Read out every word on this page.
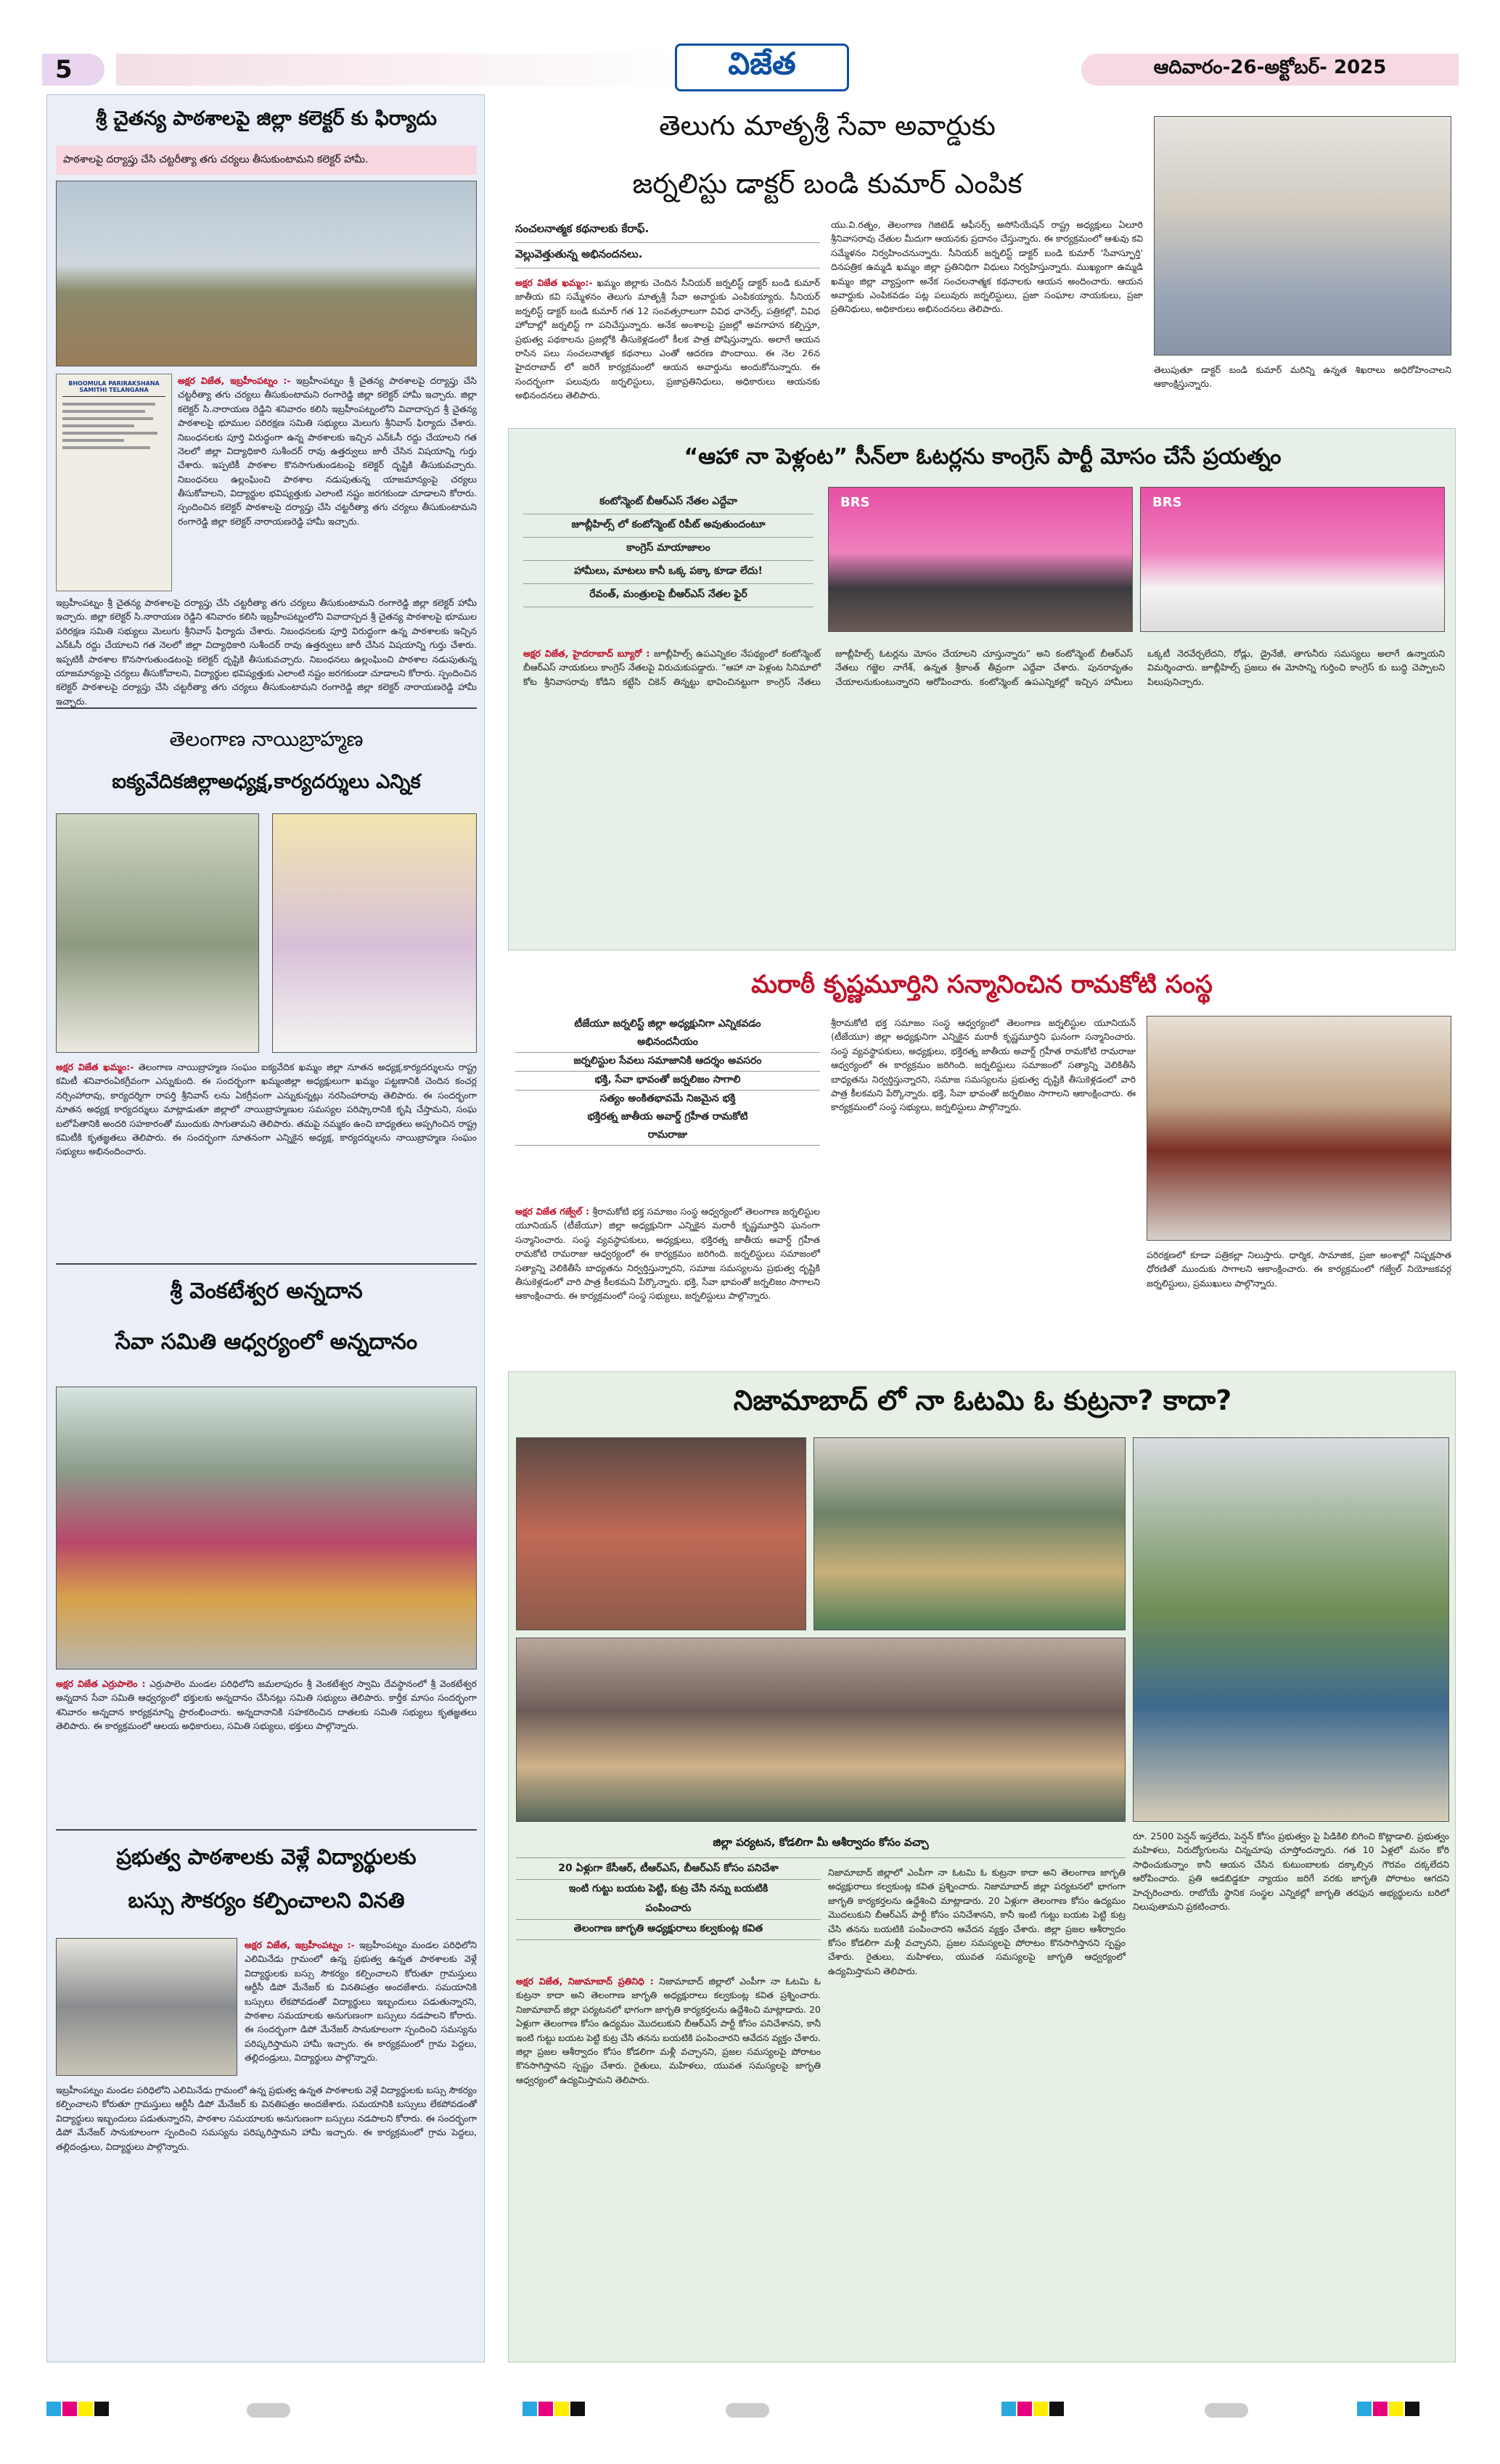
5	విజేత	ఆదివారం-26-అక్టోబర్- 2025
శ్రీ చైతన్య పాఠశాలపై జిల్లా కలెక్టర్ కు ఫిర్యాదు
పాఠశాలపై దర్యాప్తు చేసి చట్టరీత్యా తగు చర్యలు తీసుకుంటామని కలెక్టర్ హామీ.
BHOOMULA PARIRAKSHANA SAMITHI TELANGANA
అక్షర విజేత, ఇబ్రహీంపట్నం :- ఇబ్రహీంపట్నం శ్రీ చైతన్య పాఠశాలపై దర్యాప్తు చేసి చట్టరీత్యా తగు చర్యలు తీసుకుంటామని రంగారెడ్డి జిల్లా కలెక్టర్ హామీ ఇచ్చారు. జిల్లా కలెక్టర్ సి.నారాయణ రెడ్డిని శనివారం కలిసి ఇబ్రహీంపట్నంలోని వివాదాస్పద శ్రీ చైతన్య పాఠశాలపై భూముల పరిరక్షణ సమితి సభ్యులు మెలుగు శ్రీనివాస్ ఫిర్యాదు చేశారు. నిబంధనలకు పూర్తి విరుద్ధంగా ఉన్న పాఠశాలకు ఇచ్చిన ఎన్ఓసీ రద్దు చేయాలని గత నెలలో జిల్లా విద్యాధికారి సుశీందర్ రావు ఉత్తర్వులు జారీ చేసిన విషయాన్ని గుర్తు చేశారు. ఇప్పటికీ పాఠశాల కొనసాగుతుండటంపై కలెక్టర్ దృష్టికి తీసుకువచ్చారు. నిబంధనలు ఉల్లంఘించి పాఠశాల నడుపుతున్న యాజమాన్యంపై చర్యలు తీసుకోవాలని, విద్యార్థుల భవిష్యత్తుకు ఎలాంటి నష్టం జరగకుండా చూడాలని కోరారు. స్పందించిన కలెక్టర్ పాఠశాలపై దర్యాప్తు చేసి చట్టరీత్యా తగు చర్యలు తీసుకుంటామని రంగారెడ్డి జిల్లా కలెక్టర్ నారాయణరెడ్డి హామీ ఇచ్చారు.
ఇబ్రహీంపట్నం శ్రీ చైతన్య పాఠశాలపై దర్యాప్తు చేసి చట్టరీత్యా తగు చర్యలు తీసుకుంటామని రంగారెడ్డి జిల్లా కలెక్టర్ హామీ ఇచ్చారు. జిల్లా కలెక్టర్ సి.నారాయణ రెడ్డిని శనివారం కలిసి ఇబ్రహీంపట్నంలోని వివాదాస్పద శ్రీ చైతన్య పాఠశాలపై భూముల పరిరక్షణ సమితి సభ్యులు మెలుగు శ్రీనివాస్ ఫిర్యాదు చేశారు. నిబంధనలకు పూర్తి విరుద్ధంగా ఉన్న పాఠశాలకు ఇచ్చిన ఎన్ఓసీ రద్దు చేయాలని గత నెలలో జిల్లా విద్యాధికారి సుశీందర్ రావు ఉత్తర్వులు జారీ చేసిన విషయాన్ని గుర్తు చేశారు. ఇప్పటికీ పాఠశాల కొనసాగుతుండటంపై కలెక్టర్ దృష్టికి తీసుకువచ్చారు. నిబంధనలు ఉల్లంఘించి పాఠశాల నడుపుతున్న యాజమాన్యంపై చర్యలు తీసుకోవాలని, విద్యార్థుల భవిష్యత్తుకు ఎలాంటి నష్టం జరగకుండా చూడాలని కోరారు. స్పందించిన కలెక్టర్ పాఠశాలపై దర్యాప్తు చేసి చట్టరీత్యా తగు చర్యలు తీసుకుంటామని రంగారెడ్డి జిల్లా కలెక్టర్ నారాయణరెడ్డి హామీ ఇచ్చారు.
తెలంగాణ నాయిబ్రాహ్మణ
ఐక్యవేదికజిల్లాఅధ్యక్ష,కార్యదర్శులు ఎన్నిక
అక్షర విజేత ఖమ్మం:- తెలంగాణ నాయిబ్రాహ్మణ సంఘం ఐక్యవేదిక ఖమ్మం జిల్లా నూతన అధ్యక్ష,కార్యదర్శులను రాష్ట్ర కమిటీ శనివారంఏకగ్రీవంగా ఎన్నుకుంది. ఈ సందర్భంగా ఖమ్మంజిల్లా అధ్యక్షులుగా ఖమ్మం పట్టణానికి చెందిన కంచర్ల నర్సింహారావు, కార్యదర్శిగా రాపర్తి శ్రీనివాస్ లను ఏకగ్రీవంగా ఎన్నుకున్నట్లు నరసింహారావు తెలిపారు. ఈ సందర్భంగా నూతన అధ్యక్ష కార్యదర్శులు మాట్లాడుతూ జిల్లాలో నాయిబ్రాహ్మణుల సమస్యల పరిష్కారానికి కృషి చేస్తామని, సంఘ బలోపేతానికి అందరి సహకారంతో ముందుకు సాగుతామని తెలిపారు. తమపై నమ్మకం ఉంచి బాధ్యతలు అప్పగించిన రాష్ట్ర కమిటీకి కృతజ్ఞతలు తెలిపారు. ఈ సందర్భంగా నూతనంగా ఎన్నికైన అధ్యక్ష, కార్యదర్శులను నాయిబ్రాహ్మణ సంఘం సభ్యులు అభినందించారు.
శ్రీ వెంకటేశ్వర అన్నదాన
సేవా సమితి ఆధ్వర్యంలో అన్నదానం
అక్షర విజేత ఎర్రుపాలెం : ఎర్రుపాలెం మండల పరిధిలోని జమలాపురం శ్రీ వెంకటేశ్వర స్వామి దేవస్థానంలో శ్రీ వెంకటేశ్వర అన్నదాన సేవా సమితి ఆధ్వర్యంలో భక్తులకు అన్నదానం చేసినట్లు సమితి సభ్యులు తెలిపారు. కార్తీక మాసం సందర్భంగా శనివారం అన్నదాన కార్యక్రమాన్ని ప్రారంభించారు. అన్నదానానికి సహకరించిన దాతలకు సమితి సభ్యులు కృతజ్ఞతలు తెలిపారు. ఈ కార్యక్రమంలో ఆలయ అధికారులు, సమితి సభ్యులు, భక్తులు పాల్గొన్నారు.
ప్రభుత్వ పాఠశాలకు వెళ్లే విద్యార్థులకు
బస్సు సౌకర్యం కల్పించాలని వినతి
అక్షర విజేత, ఇబ్రహీంపట్నం :- ఇబ్రహీంపట్నం మండల పరిధిలోని ఎలిమినేడు గ్రామంలో ఉన్న ప్రభుత్వ ఉన్నత పాఠశాలకు వెళ్లే విద్యార్థులకు బస్సు సౌకర్యం కల్పించాలని కోరుతూ గ్రామస్తులు ఆర్టీసీ డిపో మేనేజర్ కు వినతిపత్రం అందజేశారు. సమయానికి బస్సులు లేకపోవడంతో విద్యార్థులు ఇబ్బందులు పడుతున్నారని, పాఠశాల సమయాలకు అనుగుణంగా బస్సులు నడపాలని కోరారు. ఈ సందర్భంగా డిపో మేనేజర్ సానుకూలంగా స్పందించి సమస్యను పరిష్కరిస్తామని హామీ ఇచ్చారు. ఈ కార్యక్రమంలో గ్రామ పెద్దలు, తల్లిదండ్రులు, విద్యార్థులు పాల్గొన్నారు.
ఇబ్రహీంపట్నం మండల పరిధిలోని ఎలిమినేడు గ్రామంలో ఉన్న ప్రభుత్వ ఉన్నత పాఠశాలకు వెళ్లే విద్యార్థులకు బస్సు సౌకర్యం కల్పించాలని కోరుతూ గ్రామస్తులు ఆర్టీసీ డిపో మేనేజర్ కు వినతిపత్రం అందజేశారు. సమయానికి బస్సులు లేకపోవడంతో విద్యార్థులు ఇబ్బందులు పడుతున్నారని, పాఠశాల సమయాలకు అనుగుణంగా బస్సులు నడపాలని కోరారు. ఈ సందర్భంగా డిపో మేనేజర్ సానుకూలంగా స్పందించి సమస్యను పరిష్కరిస్తామని హామీ ఇచ్చారు. ఈ కార్యక్రమంలో గ్రామ పెద్దలు, తల్లిదండ్రులు, విద్యార్థులు పాల్గొన్నారు.
తెలుగు మాతృశ్రీ సేవా అవార్డుకు
జర్నలిస్టు డాక్టర్ బండి కుమార్ ఎంపిక
సంచలనాత్మక కథనాలకు కేరాఫ్.
వెల్లువెత్తుతున్న అభినందనలు.
అక్షర విజేత ఖమ్మం:- ఖమ్మం జిల్లాకు చెందిన సీనియర్ జర్నలిస్ట్ డాక్టర్ బండి కుమార్ జాతీయ కవి సమ్మేళనం తెలుగు మాతృశ్రీ సేవా అవార్డుకు ఎంపికయ్యారు. సీనియర్ జర్నలిస్ట్ డాక్టర్ బండి కుమార్ గత 12 సంవత్సరాలుగా వివిధ ఛానెల్స్, పత్రికల్లో, వివిధ హోదాల్లో జర్నలిస్ట్ గా పనిచేస్తున్నారు. అనేక అంశాలపై ప్రజల్లో అవగాహన కల్పిస్తూ, ప్రభుత్వ పథకాలను ప్రజల్లోకి తీసుకెళ్లడంలో కీలక పాత్ర పోషిస్తున్నారు. అలాగే ఆయన రాసిన పలు సంచలనాత్మక కథనాలు ఎంతో ఆదరణ పొందాయి. ఈ నెల 26న హైదరాబాద్ లో జరిగే కార్యక్రమంలో ఆయన అవార్డును అందుకోనున్నారు. ఈ సందర్భంగా పలువురు జర్నలిస్టులు, ప్రజాప్రతినిధులు, అధికారులు ఆయనకు అభినందనలు తెలిపారు.
యు.వి.రత్నం, తెలంగాణ గెజిటెడ్ ఆఫీసర్స్ అసోసియేషన్ రాష్ట్ర అధ్యక్షులు ఏలూరి శ్రీనివాసరావు చేతుల మీదుగా ఆయనకు ప్రదానం చేస్తున్నారు. ఈ కార్యక్రమంలో ఆశువు కవి సమ్మేళనం నిర్వహించనున్నారు. సీనియర్ జర్నలిస్ట్ డాక్టర్ బండి కుమార్ 'సేవాస్ఫూర్తి' దినపత్రిక ఉమ్మడి ఖమ్మం జిల్లా ప్రతినిధిగా విధులు నిర్వహిస్తున్నారు. ముఖ్యంగా ఉమ్మడి ఖమ్మం జిల్లా వ్యాప్తంగా అనేక సంచలనాత్మక కథనాలకు ఆయన అందించారు. ఆయన అవార్డుకు ఎంపికవడం పట్ల పలువురు జర్నలిస్టులు, ప్రజా సంఘాల నాయకులు, ప్రజా ప్రతినిధులు, అధికారులు అభినందనలు తెలిపారు.
తెలుపుతూ డాక్టర్ బండి కుమార్ మరిన్ని ఉన్నత శిఖరాలు అధిరోహించాలని ఆకాంక్షిస్తున్నారు.
“ఆహా నా పెళ్లంట” సీన్‌లా ఓటర్లను కాంగ్రెస్ పార్టీ మోసం చేసే ప్రయత్నం
కంటోన్మెంట్ బీఆర్ఎస్ నేతల ఎద్దేవా
జూబ్లీహిల్స్ లో కంటోన్మెంట్ రిపీట్ అవుతుందంటూ
కాంగ్రెస్ మాయాజాలం
హామీలు, మాటలు కానీ ఒక్క పక్కా కూడా లేదు!
రేవంత్, మంత్రులపై బీఆర్ఎస్ నేతల ఫైర్
BRS	BRS
అక్షర విజేత, హైదరాబాద్ బ్యూరో : జూబ్లీహిల్స్ ఉపఎన్నికల నేపథ్యంలో కంటోన్మెంట్ బీఆర్ఎస్ నాయకులు కాంగ్రెస్ నేతలపై విరుచుకుపడ్డారు. “ఆహా నా పెళ్లంట సినిమాలో కోట శ్రీనివాసరావు కోడిని కట్టేసి చికెన్ తిన్నట్టు భావించినట్టుగా కాంగ్రెస్ నేతలు జూబ్లీహిల్స్ ఓటర్లను మోసం చేయాలని చూస్తున్నారు” అని కంటోన్మెంట్ బీఆర్ఎస్ నేతలు గజ్జెల నాగేశ్, ఉన్నత శ్రీకాంత్ తీవ్రంగా ఎద్దేవా చేశారు. పునరావృతం చేయాలనుకుంటున్నారని ఆరోపించారు. కంటోన్మెంట్ ఉపఎన్నికల్లో ఇచ్చిన హామీలు ఒక్కటీ నెరవేర్చలేదని, రోడ్లు, డ్రైనేజీ, తాగునీరు సమస్యలు అలాగే ఉన్నాయని విమర్శించారు. జూబ్లీహిల్స్ ప్రజలు ఈ మోసాన్ని గుర్తించి కాంగ్రెస్ కు బుద్ధి చెప్పాలని పిలుపునిచ్చారు.
మరాఠీ కృష్ణమూర్తిని సన్మానించిన రామకోటి సంస్థ
టీజేయూ జర్నలిస్ట్ జిల్లా అధ్యక్షునిగా ఎన్నికవడం
అభినందనీయం
జర్నలిస్టుల సేవలు సమాజానికి ఆదర్శం అవసరం
భక్తి, సేవా భావంతో జర్నలిజం సాగాలి
సత్యం అంకితభావమే నిజమైన భక్తి
భక్తిరత్న జాతీయ అవార్డ్ గ్రహీత రామకోటి
రామరాజు
అక్షర విజేత గజ్వేల్ : శ్రీరామకోటి భక్త సమాజం సంస్థ ఆధ్వర్యంలో తెలంగాణ జర్నలిస్టుల యూనియన్ (టీజేయూ) జిల్లా అధ్యక్షునిగా ఎన్నికైన మరాఠీ కృష్ణమూర్తిని ఘనంగా సన్మానించారు. సంస్థ వ్యవస్థాపకులు, అధ్యక్షులు, భక్తిరత్న జాతీయ అవార్డ్ గ్రహీత రామకోటి రామరాజు ఆధ్వర్యంలో ఈ కార్యక్రమం జరిగింది. జర్నలిస్టులు సమాజంలో సత్యాన్ని వెలికితీసే బాధ్యతను నిర్వర్తిస్తున్నారని, సమాజ సమస్యలను ప్రభుత్వ దృష్టికి తీసుకెళ్లడంలో వారి పాత్ర కీలకమని పేర్కొన్నారు. భక్తి, సేవా భావంతో జర్నలిజం సాగాలని ఆకాంక్షించారు. ఈ కార్యక్రమంలో సంస్థ సభ్యులు, జర్నలిస్టులు పాల్గొన్నారు.
శ్రీరామకోటి భక్త సమాజం సంస్థ ఆధ్వర్యంలో తెలంగాణ జర్నలిస్టుల యూనియన్ (టీజేయూ) జిల్లా అధ్యక్షునిగా ఎన్నికైన మరాఠీ కృష్ణమూర్తిని ఘనంగా సన్మానించారు. సంస్థ వ్యవస్థాపకులు, అధ్యక్షులు, భక్తిరత్న జాతీయ అవార్డ్ గ్రహీత రామకోటి రామరాజు ఆధ్వర్యంలో ఈ కార్యక్రమం జరిగింది. జర్నలిస్టులు సమాజంలో సత్యాన్ని వెలికితీసే బాధ్యతను నిర్వర్తిస్తున్నారని, సమాజ సమస్యలను ప్రభుత్వ దృష్టికి తీసుకెళ్లడంలో వారి పాత్ర కీలకమని పేర్కొన్నారు. భక్తి, సేవా భావంతో జర్నలిజం సాగాలని ఆకాంక్షించారు. ఈ కార్యక్రమంలో సంస్థ సభ్యులు, జర్నలిస్టులు పాల్గొన్నారు.
పరిరక్షణలో కూడా పత్రికల్లా నిలుస్తారు. ధార్మిక, సామాజిక, ప్రజా అంశాల్లో నిష్పక్షపాత ధోరణితో ముందుకు సాగాలని ఆకాంక్షించారు. ఈ కార్యక్రమంలో గజ్వేల్ నియోజకవర్గ జర్నలిస్టులు, ప్రముఖులు పాల్గొన్నారు.
నిజామాబాద్ లో నా ఓటమి ఓ కుట్రనా? కాదా?
జిల్లా పర్యటన, కోడలిగా మీ ఆశీర్వాదం కోసం వచ్చా
20 ఏళ్లుగా కేసీఆర్, టీఆర్ఎస్, బీఆర్ఎస్ కోసం పనిచేశా
ఇంటి గుట్టు బయట పెట్టి, కుట్ర చేసి నన్ను బయటికి
పంపించారు
తెలంగాణ జాగృతి అధ్యక్షురాలు కల్వకుంట్ల కవిత
అక్షర విజేత, నిజామాబాద్ ప్రతినిధి : నిజామాబాద్ జిల్లాలో ఎంపీగా నా ఓటమి ఓ కుట్రనా కాదా అని తెలంగాణ జాగృతి అధ్యక్షురాలు కల్వకుంట్ల కవిత ప్రశ్నించారు. నిజామాబాద్ జిల్లా పర్యటనలో భాగంగా జాగృతి కార్యకర్తలను ఉద్దేశించి మాట్లాడారు. 20 ఏళ్లుగా తెలంగాణ కోసం ఉద్యమం మొదలుకుని బీఆర్ఎస్ పార్టీ కోసం పనిచేశానని, కానీ ఇంటి గుట్టు బయట పెట్టి కుట్ర చేసి తనను బయటికి పంపించారని ఆవేదన వ్యక్తం చేశారు. జిల్లా ప్రజల ఆశీర్వాదం కోసం కోడలిగా మళ్లీ వచ్చానని, ప్రజల సమస్యలపై పోరాటం కొనసాగిస్తానని స్పష్టం చేశారు. రైతులు, మహిళలు, యువత సమస్యలపై జాగృతి ఆధ్వర్యంలో ఉద్యమిస్తామని తెలిపారు.
నిజామాబాద్ జిల్లాలో ఎంపీగా నా ఓటమి ఓ కుట్రనా కాదా అని తెలంగాణ జాగృతి అధ్యక్షురాలు కల్వకుంట్ల కవిత ప్రశ్నించారు. నిజామాబాద్ జిల్లా పర్యటనలో భాగంగా జాగృతి కార్యకర్తలను ఉద్దేశించి మాట్లాడారు. 20 ఏళ్లుగా తెలంగాణ కోసం ఉద్యమం మొదలుకుని బీఆర్ఎస్ పార్టీ కోసం పనిచేశానని, కానీ ఇంటి గుట్టు బయట పెట్టి కుట్ర చేసి తనను బయటికి పంపించారని ఆవేదన వ్యక్తం చేశారు. జిల్లా ప్రజల ఆశీర్వాదం కోసం కోడలిగా మళ్లీ వచ్చానని, ప్రజల సమస్యలపై పోరాటం కొనసాగిస్తానని స్పష్టం చేశారు. రైతులు, మహిళలు, యువత సమస్యలపై జాగృతి ఆధ్వర్యంలో ఉద్యమిస్తామని తెలిపారు.
రూ. 2500 పెన్షన్ ఇస్తలేదు, పెన్షన్ కోసం ప్రభుత్వం పై పిడికిలి బిగించి కొట్లాడాలి. ప్రభుత్వం మహిళలు, నిరుద్యోగులను చిన్నచూపు చూస్తోందన్నారు. గత 10 ఏళ్లలో మనం కోరి సాధించుకున్నాం కానీ ఆయన చేసిన కుటుంబాలకు దక్కాల్సిన గౌరవం దక్కలేదని ఆరోపించారు. ప్రతి ఆడబిడ్డకూ న్యాయం జరిగే వరకు జాగృతి పోరాటం ఆగదని హెచ్చరించారు. రాబోయే స్థానిక సంస్థల ఎన్నికల్లో జాగృతి తరఫున అభ్యర్థులను బరిలో నిలుపుతామని ప్రకటించారు.
